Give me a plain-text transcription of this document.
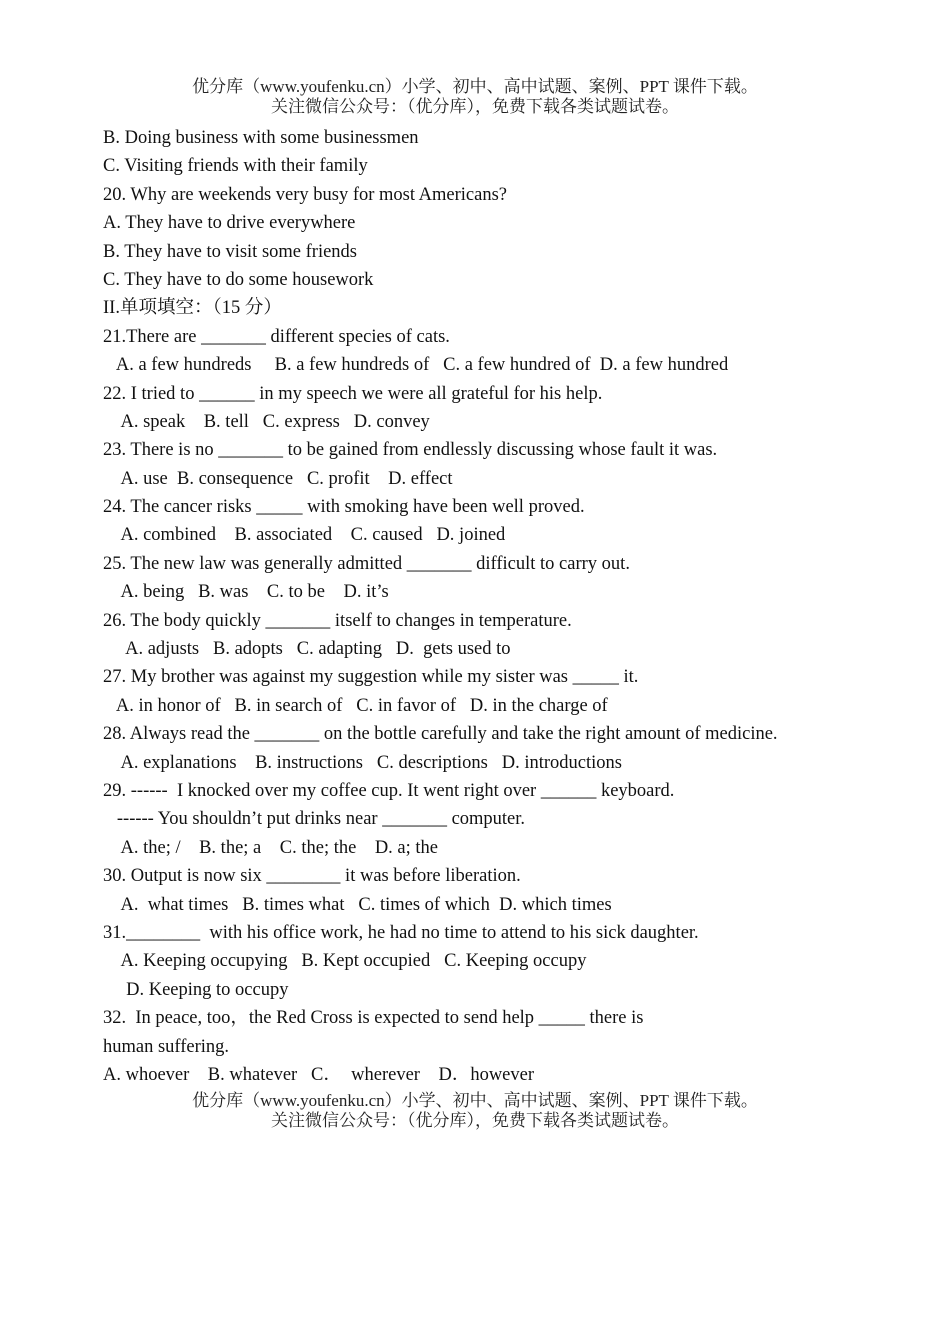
优分库（www.youfenku.cn）小学、初中、高中试题、案例、PPT 课件下载。
关注微信公众号：（优分库），免费下载各类试题试卷。
B. Doing business with some businessmen
C. Visiting friends with their family
20. Why are weekends very busy for most Americans?
A. They have to drive everywhere
B. They have to visit some friends
C. They have to do some housework
II.单项填空：（15 分）
21.There are _______ different species of cats.
A. a few hundreds     B. a few hundreds of   C. a few hundred of  D. a few hundred
22. I tried to ______ in my speech we were all grateful for his help.
A. speak    B. tell   C. express   D. convey
23. There is no _______ to be gained from endlessly discussing whose fault it was.
A. use  B. consequence   C. profit    D. effect
24. The cancer risks _____ with smoking have been well proved.
A. combined    B. associated    C. caused   D. joined
25. The new law was generally admitted _______ difficult to carry out.
A. being   B. was    C. to be    D. it’s
26. The body quickly _______ itself to changes in temperature.
A. adjusts   B. adopts   C. adapting   D.  gets used to
27. My brother was against my suggestion while my sister was _____ it.
A. in honor of   B. in search of   C. in favor of   D. in the charge of
28. Always read the _______ on the bottle carefully and take the right amount of medicine.
A. explanations    B. instructions   C. descriptions   D. introductions
29. ------  I knocked over my coffee cup. It went right over ______ keyboard.
------ You shouldn’t put drinks near _______ computer.
A. the; /    B. the; a    C. the; the    D. a; the
30. Output is now six ________ it was before liberation.
A.  what times   B. times what   C. times of which  D. which times
31.________  with his office work, he had no time to attend to his sick daughter.
A. Keeping occupying   B. Kept occupied   C. Keeping occupy
D. Keeping to occupy
32.  In peace, too，the Red Cross is expected to send help _____ there is
human suffering.
A. whoever    B. whatever   C．  wherever    D．however
优分库（www.youfenku.cn）小学、初中、高中试题、案例、PPT 课件下载。
关注微信公众号：（优分库），免费下载各类试题试卷。
